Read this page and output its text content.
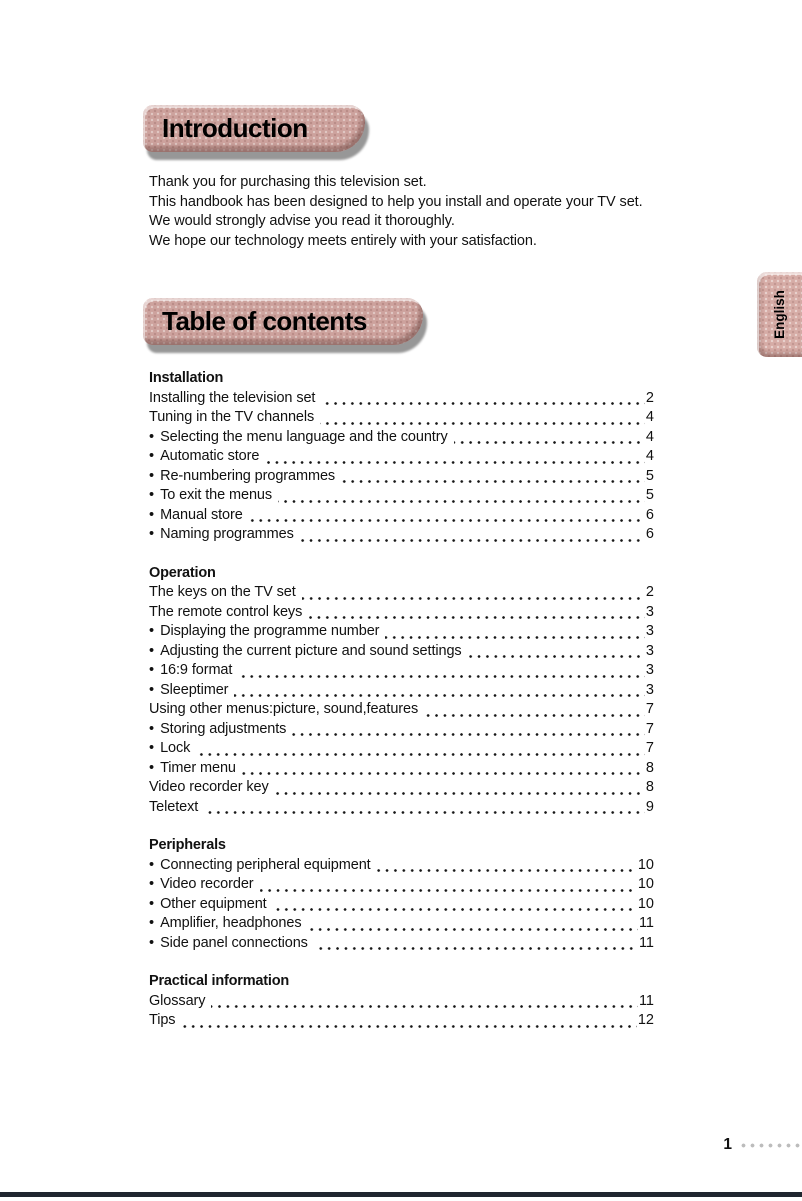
Introduction
Thank you for purchasing this television set.
This handbook has been designed to help you install and operate your TV set.
We would strongly advise you read it thoroughly.
We hope our technology meets entirely with your satisfaction.
Table of contents
Installation
Installing the television set	2
Tuning in the TV channels	4
• Selecting the menu language and the country	4
• Automatic store	4
• Re-numbering programmes	5
• To exit the menus	5
• Manual store	6
• Naming programmes	6
Operation
The keys on the TV set	2
The remote control keys	3
• Displaying the programme number	3
• Adjusting the current picture and sound settings	3
• 16:9 format	3
• Sleeptimer	3
Using other menus:picture, sound,features	7
• Storing adjustments	7
• Lock	7
• Timer menu	8
Video recorder key	8
Teletext	9
Peripherals
• Connecting peripheral equipment	10
• Video recorder	10
• Other equipment	10
• Amplifier, headphones	11
• Side panel connections	11
Practical information
Glossary	11
Tips	12
English
1
